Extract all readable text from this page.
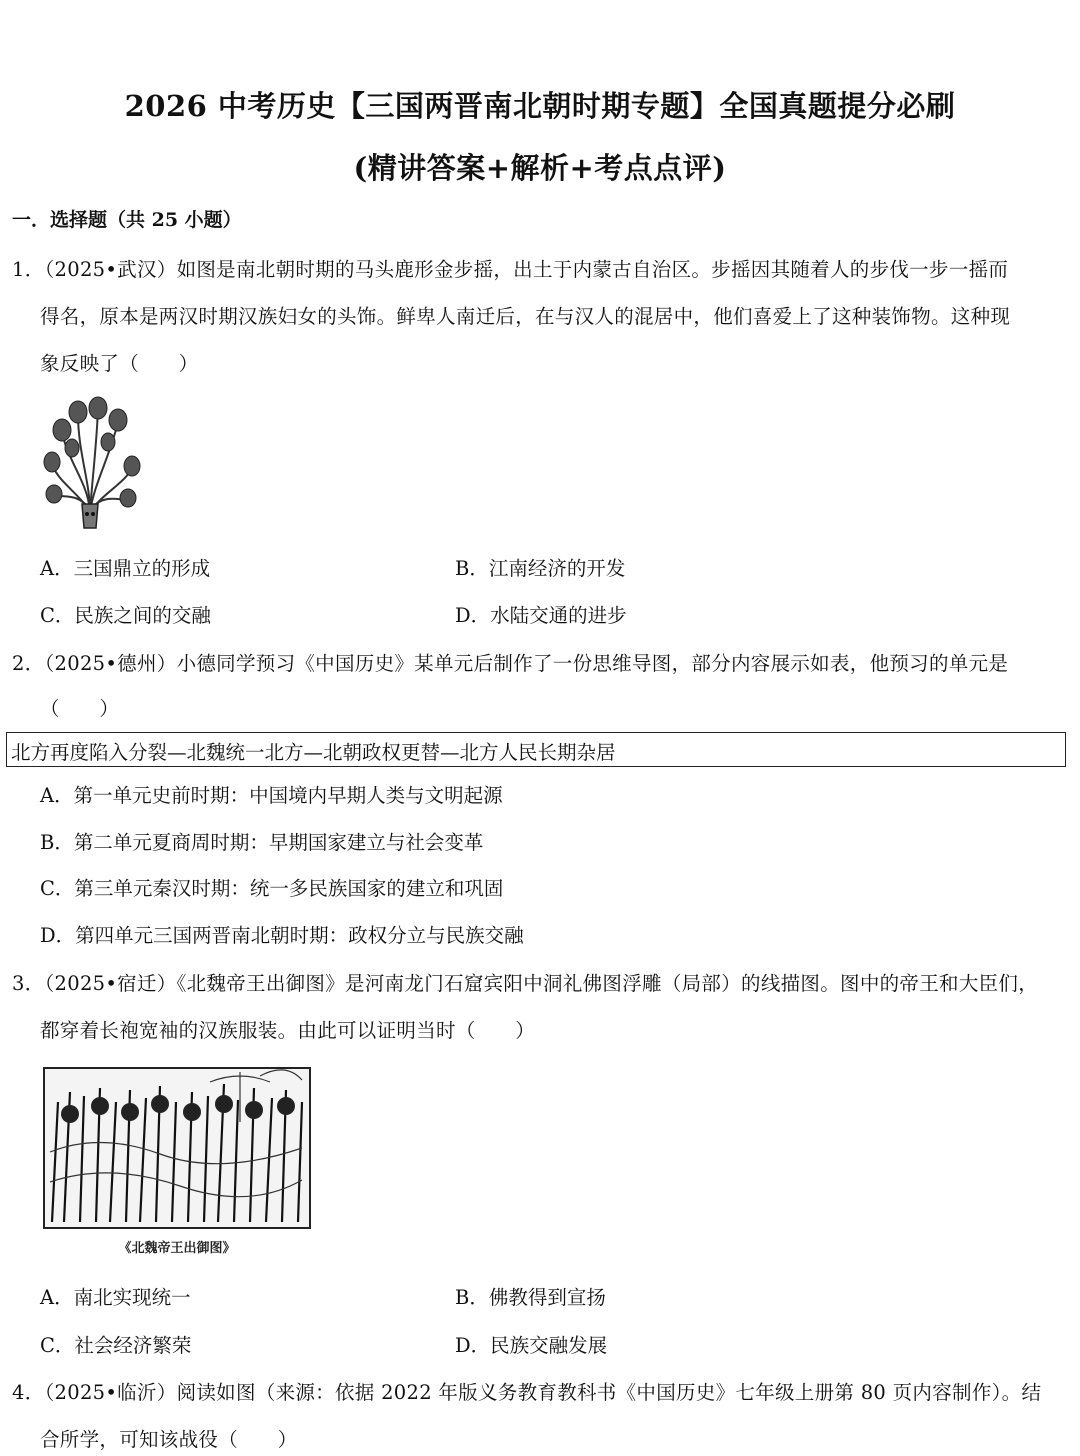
2026 中考历史【三国两晋南北朝时期专题】全国真题提分必刷
(精讲答案+解析+考点点评)
一．选择题（共 25 小题）
1．（2025•武汉）如图是南北朝时期的马头鹿形金步摇，出土于内蒙古自治区。步摇因其随着人的步伐一步一摇而
得名，原本是两汉时期汉族妇女的头饰。鲜卑人南迁后，在与汉人的混居中，他们喜爱上了这种装饰物。这种现
象反映了（　　）
A．三国鼎立的形成	B．江南经济的开发
C．民族之间的交融	D．水陆交通的进步
2．（2025•德州）小德同学预习《中国历史》某单元后制作了一份思维导图，部分内容展示如表，他预习的单元是
（　　）
北方再度陷入分裂—北魏统一北方—北朝政权更替—北方人民长期杂居
A．第一单元史前时期：中国境内早期人类与文明起源
B．第二单元夏商周时期：早期国家建立与社会变革
C．第三单元秦汉时期：统一多民族国家的建立和巩固
D．第四单元三国两晋南北朝时期：政权分立与民族交融
3．（2025•宿迁）《北魏帝王出御图》是河南龙门石窟宾阳中洞礼佛图浮雕（局部）的线描图。图中的帝王和大臣们，
都穿着长袍宽袖的汉族服装。由此可以证明当时（　　）
《北魏帝王出御图》
A．南北实现统一	B．佛教得到宣扬
C．社会经济繁荣	D．民族交融发展
4．（2025•临沂）阅读如图（来源：依据 2022 年版义务教育教科书《中国历史》七年级上册第 80 页内容制作）。结
合所学，可知该战役（　　）
